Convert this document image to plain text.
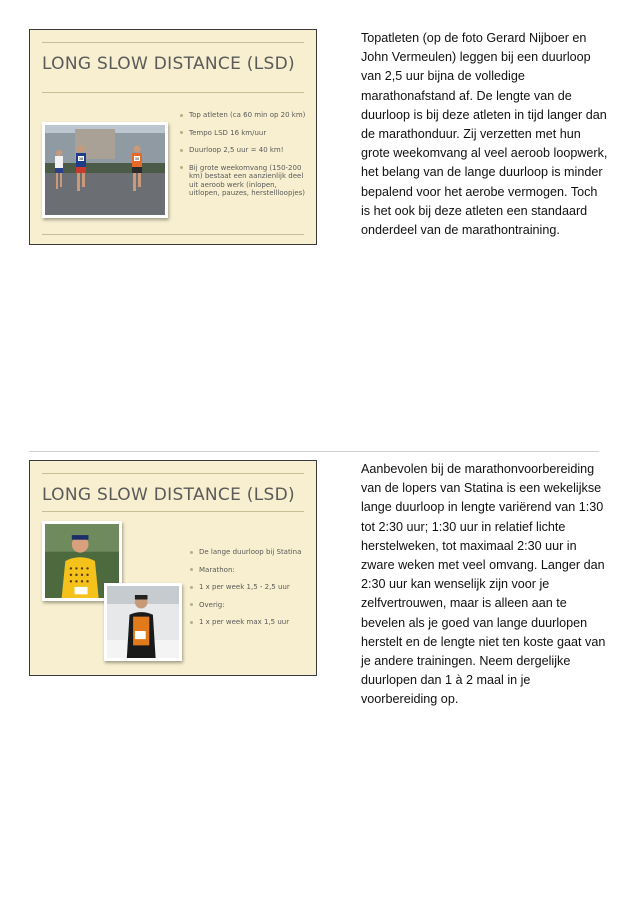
LONG SLOW DISTANCE (LSD)
38	30
Top atleten (ca 60 min op 20 km)
Tempo LSD 16 km/uur
Duurloop 2,5 uur = 40 km!
Bij grote weekomvang (150-200 km) bestaat een aanzienlijk deel uit aeroob werk (inlopen, uitlopen, pauzes, herstellloopjes)

Topatleten (op de foto Gerard Nijboer en John Vermeulen) leggen bij een duurloop van 2,5 uur bijna de volledige marathonafstand af. De lengte van de duurloop is bij deze atleten in tijd langer dan de marathonduur. Zij verzetten met hun grote weekomvang al veel aeroob loopwerk, het belang van de lange duurloop is minder bepalend voor het aerobe vermogen. Toch is het ook bij deze atleten een standaard onderdeel van de marathontraining.

LONG SLOW DISTANCE (LSD)
De lange duurloop bij Statina
Marathon:
1 x per week 1,5 - 2,5 uur
Overig:
1 x per week max 1,5 uur

Aanbevolen bij de marathonvoorbereiding van de lopers van Statina is een wekelijkse lange duurloop in lengte variërend van 1:30 tot 2:30 uur; 1:30 uur in relatief lichte herstelweken, tot maximaal 2:30 uur in zware weken met veel omvang. Langer dan 2:30 uur kan wenselijk zijn voor je zelfvertrouwen, maar is alleen aan te bevelen als je goed van lange duurlopen herstelt en de lengte niet ten koste gaat van je andere trainingen. Neem dergelijke duurlopen dan 1 à 2 maal in je voorbereiding op.
